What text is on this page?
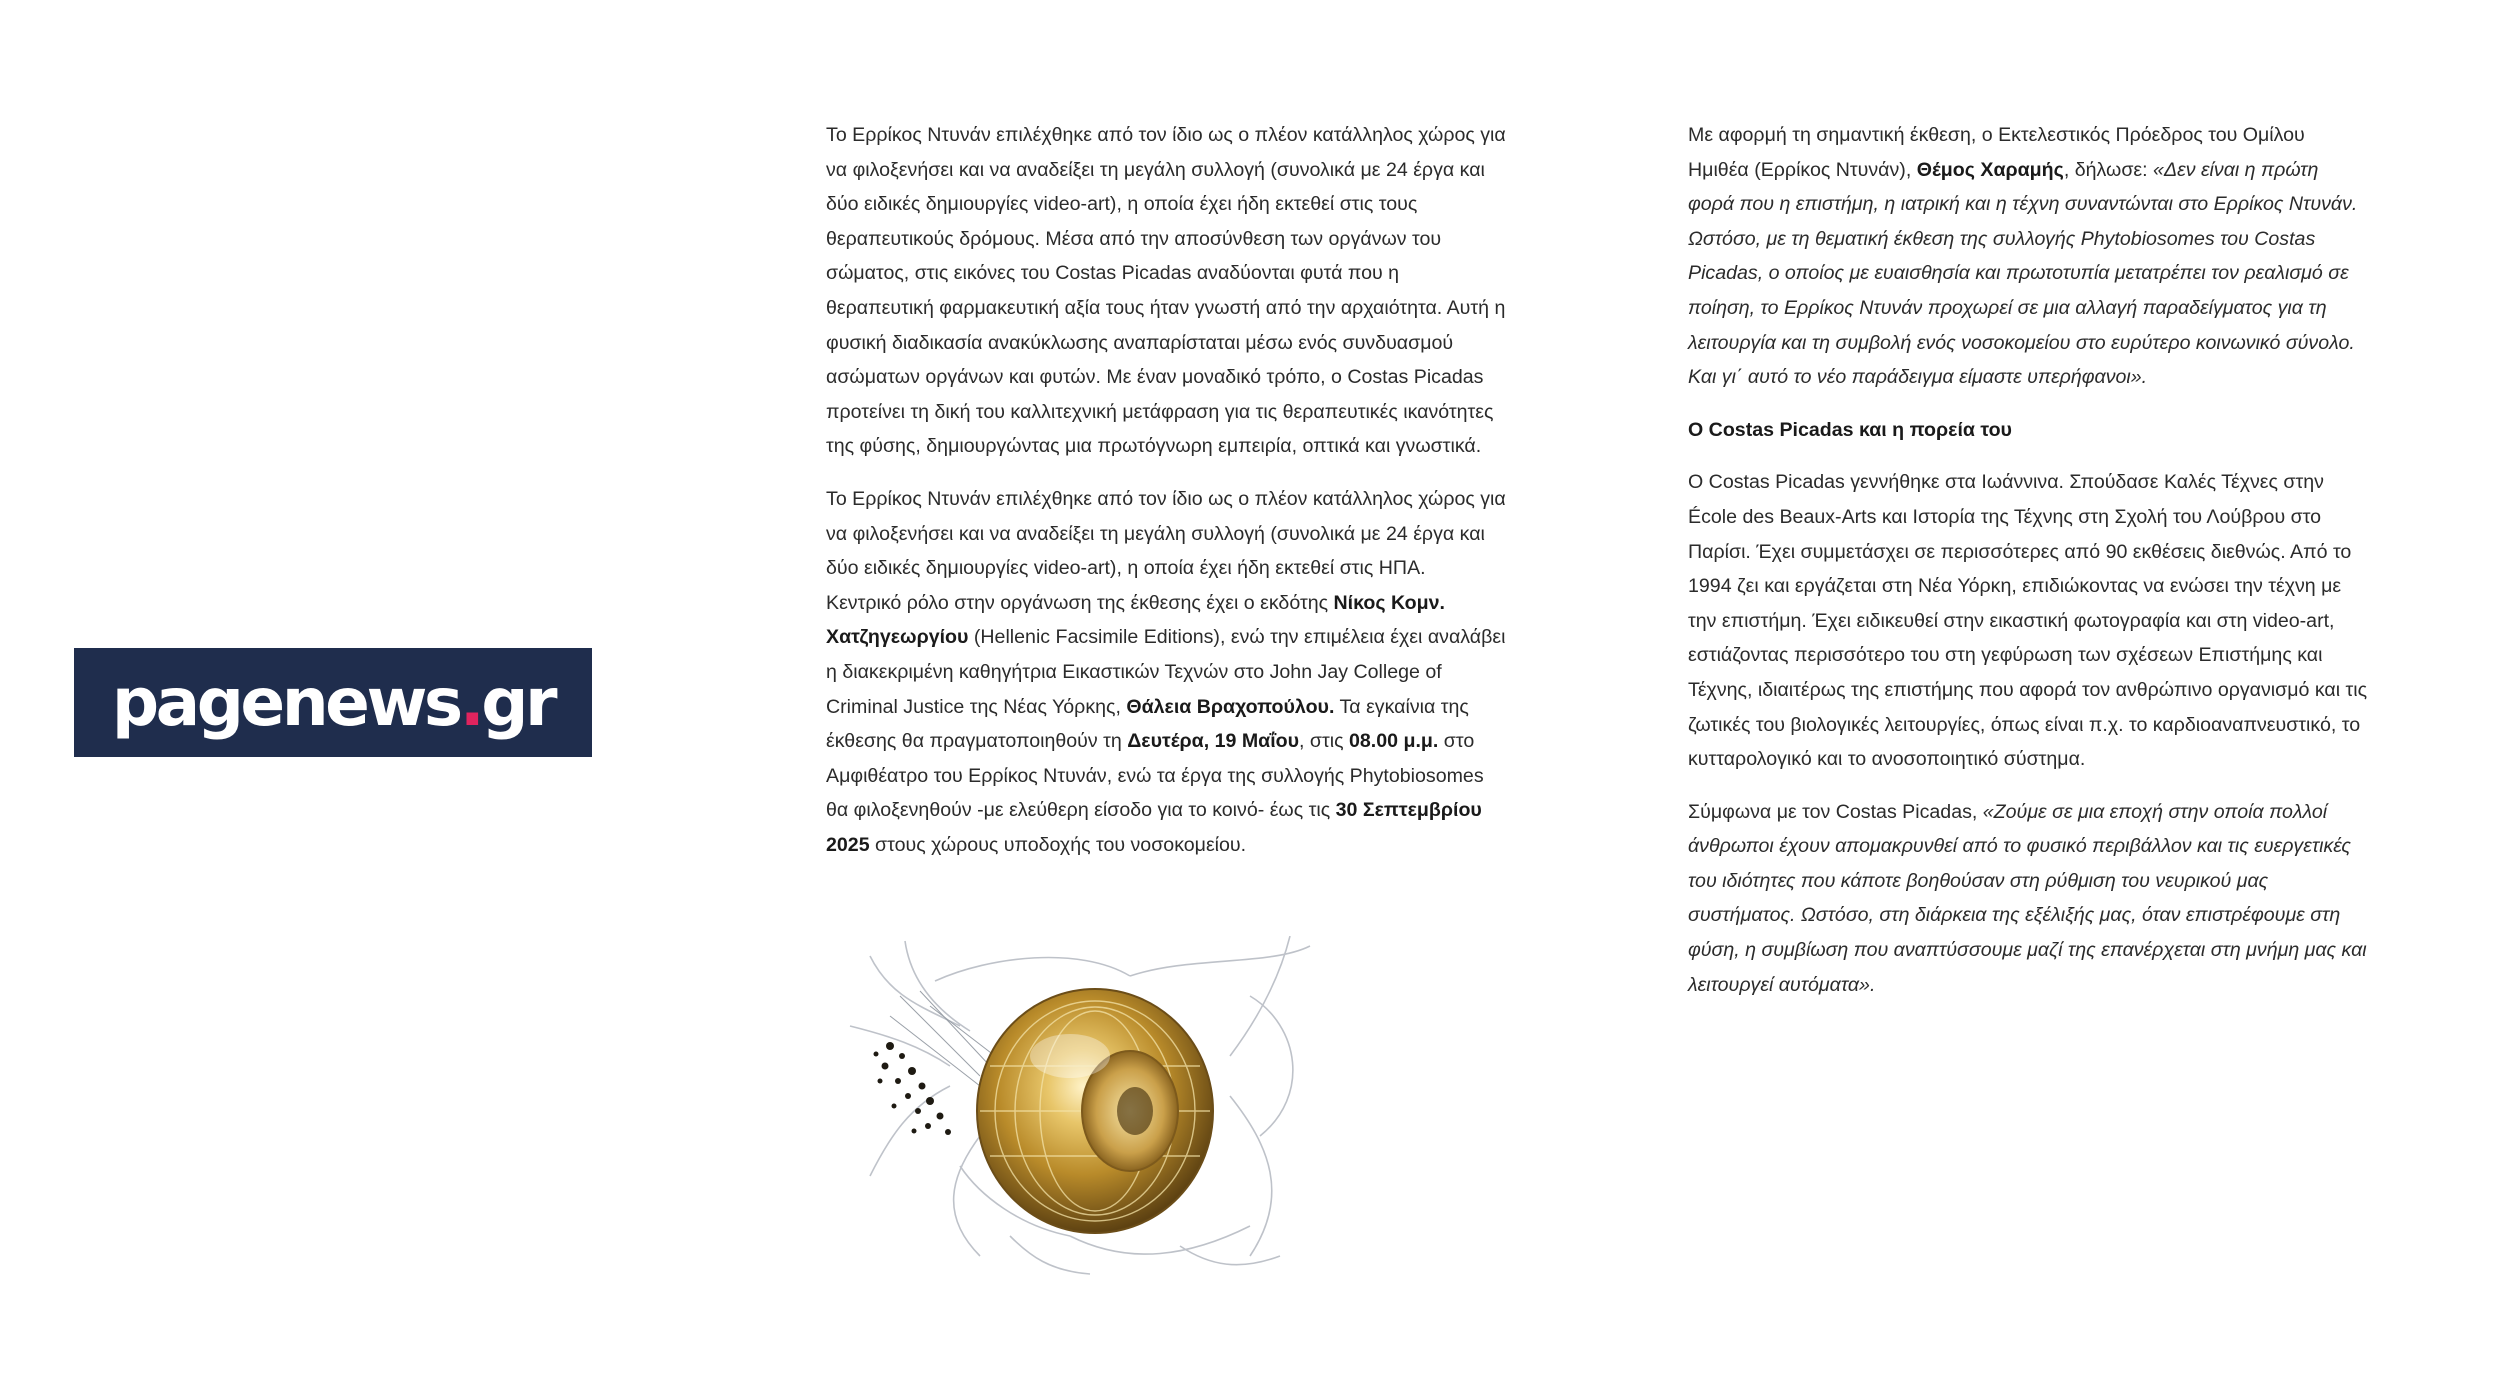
pagenews.gr

Το Ερρίκος Ντυνάν επιλέχθηκε από τον ίδιο ως ο πλέον κατάλληλος χώρος για να φιλοξενήσει και να αναδείξει τη μεγάλη συλλογή (συνολικά με 24 έργα και δύο ειδικές δημιουργίες video-art), η οποία έχει ήδη εκτεθεί στις τους θεραπευτικούς δρόμους. Μέσα από την αποσύνθεση των οργάνων του σώματος, στις εικόνες του Costas Picadas αναδύονται φυτά που η θεραπευτική φαρμακευτική αξία τους ήταν γνωστή από την αρχαιότητα. Αυτή η φυσική διαδικασία ανακύκλωσης αναπαρίσταται μέσω ενός συνδυασμού ασώματων οργάνων και φυτών. Με έναν μοναδικό τρόπο, ο Costas Picadas προτείνει τη δική του καλλιτεχνική μετάφραση για τις θεραπευτικές ικανότητες της φύσης, δημιουργώντας μια πρωτόγνωρη εμπειρία, οπτικά και γνωστικά.

Το Ερρίκος Ντυνάν επιλέχθηκε από τον ίδιο ως ο πλέον κατάλληλος χώρος για να φιλοξενήσει και να αναδείξει τη μεγάλη συλλογή (συνολικά με 24 έργα και δύο ειδικές δημιουργίες video-art), η οποία έχει ήδη εκτεθεί στις ΗΠΑ. Κεντρικό ρόλο στην οργάνωση της έκθεσης έχει ο εκδότης Νίκος Κομν. Χατζηγεωργίου (Hellenic Facsimile Editions), ενώ την επιμέλεια έχει αναλάβει η διακεκριμένη καθηγήτρια Εικαστικών Τεχνών στο John Jay College of Criminal Justice της Νέας Υόρκης, Θάλεια Βραχοπούλου. Τα εγκαίνια της έκθεσης θα πραγματοποιηθούν τη Δευτέρα, 19 Μαΐου, στις 08.00 μ.μ. στο Αμφιθέατρο του Ερρίκος Ντυνάν, ενώ τα έργα της συλλογής Phytobiosomes θα φιλοξενηθούν -με ελεύθερη είσοδο για το κοινό- έως τις 30 Σεπτεμβρίου 2025 στους χώρους υποδοχής του νοσοκομείου.

Με αφορμή τη σημαντική έκθεση, ο Εκτελεστικός Πρόεδρος του Ομίλου Ημιθέα (Ερρίκος Ντυνάν), Θέμος Χαραμής, δήλωσε: «Δεν είναι η πρώτη φορά που η επιστήμη, η ιατρική και η τέχνη συναντώνται στο Ερρίκος Ντυνάν. Ωστόσο, με τη θεματική έκθεση της συλλογής Phytobiosomes του Costas Picadas, ο οποίος με ευαισθησία και πρωτοτυπία μετατρέπει τον ρεαλισμό σε ποίηση, το Ερρίκος Ντυνάν προχωρεί σε μια αλλαγή παραδείγματος για τη λειτουργία και τη συμβολή ενός νοσοκομείου στο ευρύτερο κοινωνικό σύνολο. Και γι΄ αυτό το νέο παράδειγμα είμαστε υπερήφανοι».

Ο Costas Picadas και η πορεία του

Ο Costas Picadas γεννήθηκε στα Ιωάννινα. Σπούδασε Καλές Τέχνες στην École des Beaux-Arts και Ιστορία της Τέχνης στη Σχολή του Λούβρου στο Παρίσι. Έχει συμμετάσχει σε περισσότερες από 90 εκθέσεις διεθνώς. Από το 1994 ζει και εργάζεται στη Νέα Υόρκη, επιδιώκοντας να ενώσει την τέχνη με την επιστήμη. Έχει ειδικευθεί στην εικαστική φωτογραφία και στη video-art, εστιάζοντας περισσότερο του στη γεφύρωση των σχέσεων Επιστήμης και Τέχνης, ιδιαιτέρως της επιστήμης που αφορά τον ανθρώπινο οργανισμό και τις ζωτικές του βιολογικές λειτουργίες, όπως είναι π.χ. το καρδιοαναπνευστικό, το κυτταρολογικό και το ανοσοποιητικό σύστημα.

Σύμφωνα με τον Costas Picadas, «Ζούμε σε μια εποχή στην οποία πολλοί άνθρωποι έχουν απομακρυνθεί από το φυσικό περιβάλλον και τις ευεργετικές του ιδιότητες που κάποτε βοηθούσαν στη ρύθμιση του νευρικού μας συστήματος. Ωστόσο, στη διάρκεια της εξέλιξής μας, όταν επιστρέφουμε στη φύση, η συμβίωση που αναπτύσσουμε μαζί της επανέρχεται στη μνήμη μας και λειτουργεί αυτόματα».
